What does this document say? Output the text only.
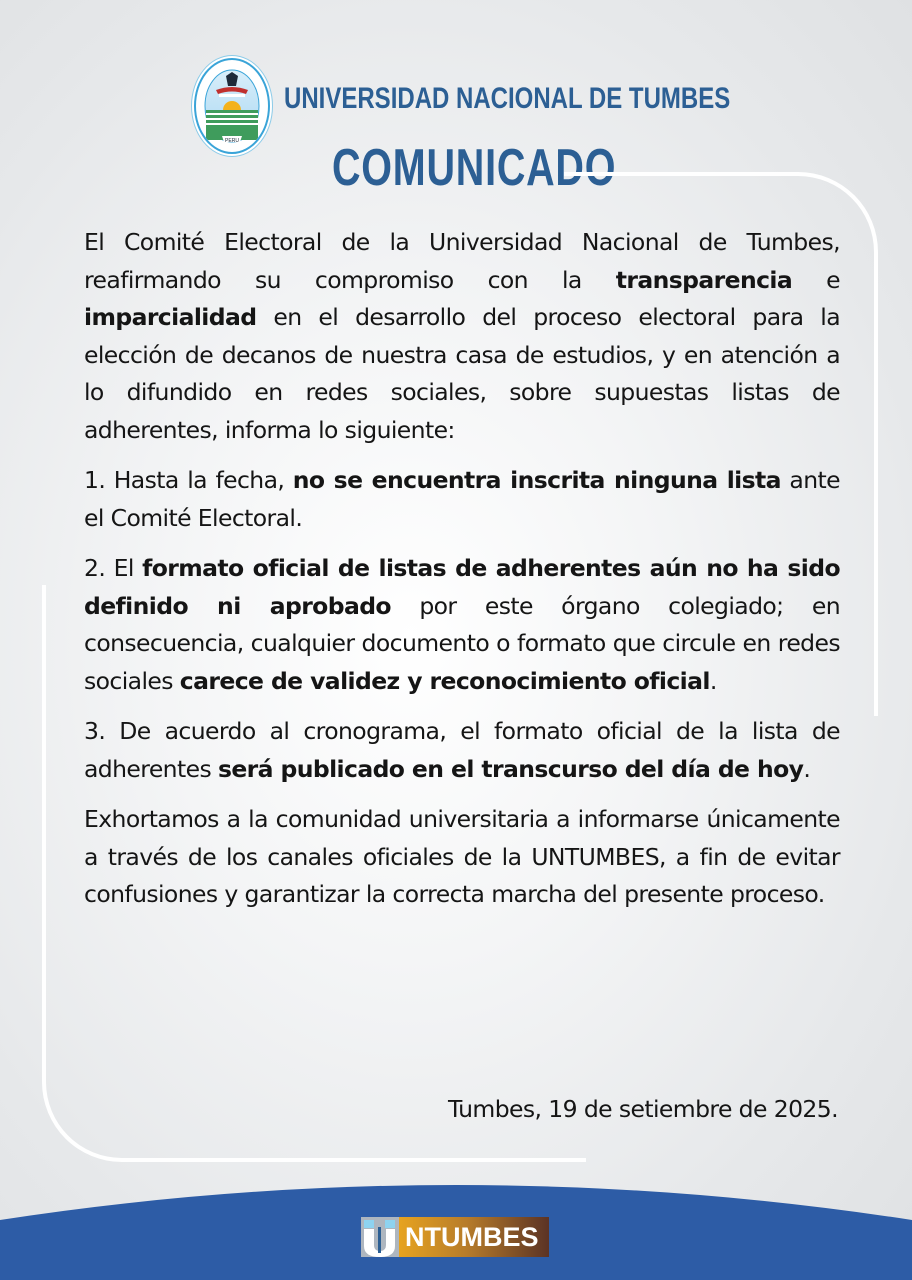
PERU
UNIVERSIDAD NACIONAL DE TUMBES
COMUNICADO

El Comité Electoral de la Universidad Nacional de Tumbes, reafirmando su compromiso con la transparencia e imparcialidad en el desarrollo del proceso electoral para la elección de decanos de nuestra casa de estudios, y en atención a lo difundido en redes sociales, sobre supuestas listas de adherentes, informa lo siguiente:

1. Hasta la fecha, no se encuentra inscrita ninguna lista ante el Comité Electoral.

2. El formato oficial de listas de adherentes aún no ha sido definido ni aprobado por este órgano colegiado; en consecuencia, cualquier documento o formato que circule en redes sociales carece de validez y reconocimiento oficial.

3. De acuerdo al cronograma, el formato oficial de la lista de adherentes será publicado en el transcurso del día de hoy.

Exhortamos a la comunidad universitaria a informarse únicamente a través de los canales oficiales de la UNTUMBES, a fin de evitar confusiones y garantizar la correcta marcha del presente proceso.

Tumbes, 19 de setiembre de 2025.
NTUMBES
